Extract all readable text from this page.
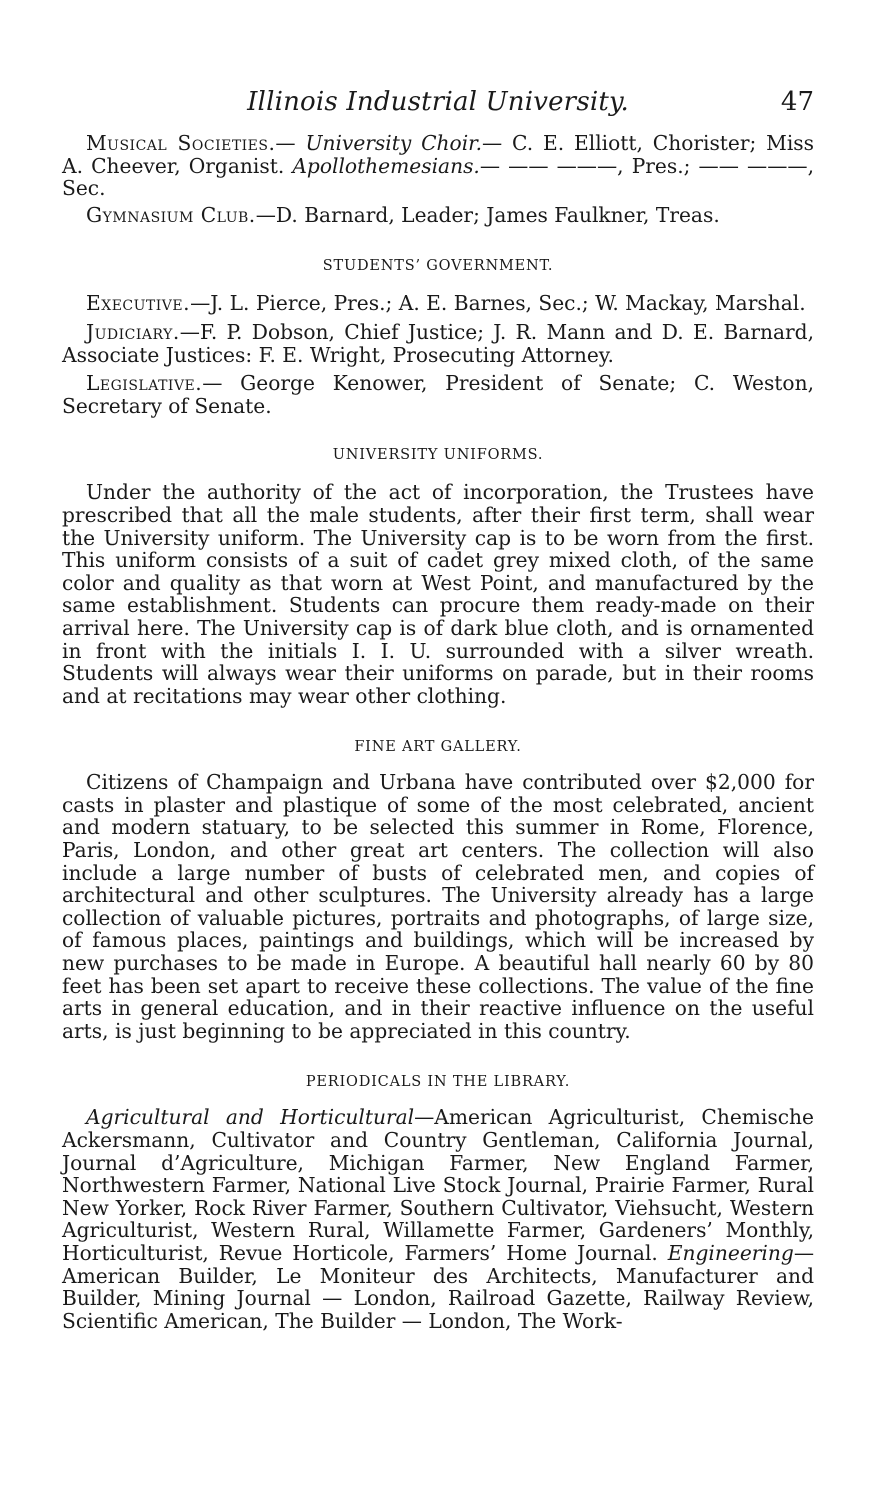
Illinois Industrial University.	47

Musical Societies.— University Choir.— C. E. Elliott, Chorister; Miss A. Cheever, Organist. Apollothemesians.— —— ———, Pres.; —— ———, Sec.

Gymnasium Club.—D. Barnard, Leader; James Faulkner, Treas.

STUDENTS’ GOVERNMENT.

Executive.—J. L. Pierce, Pres.; A. E. Barnes, Sec.; W. Mackay, Marshal.

Judiciary.—F. P. Dobson, Chief Justice; J. R. Mann and D. E. Barnard, Associate Justices: F. E. Wright, Prosecuting Attorney.

Legislative.— George Kenower, President of Senate; C. Weston, Secretary of Senate.

UNIVERSITY UNIFORMS.

Under the authority of the act of incorporation, the Trustees have prescribed that all the male students, after their first term, shall wear the University uniform. The University cap is to be worn from the first. This uniform consists of a suit of cadet grey mixed cloth, of the same color and quality as that worn at West Point, and manufactured by the same establishment. Students can procure them ready-made on their arrival here. The University cap is of dark blue cloth, and is ornamented in front with the initials I. I. U. surrounded with a silver wreath. Students will always wear their uniforms on parade, but in their rooms and at recitations may wear other clothing.

FINE ART GALLERY.

Citizens of Champaign and Urbana have contributed over $2,000 for casts in plaster and plastique of some of the most celebrated, ancient and modern statuary, to be selected this summer in Rome, Florence, Paris, London, and other great art centers. The collection will also include a large number of busts of celebrated men, and copies of architectural and other sculptures. The University already has a large collection of valuable pictures, portraits and photographs, of large size, of famous places, paintings and buildings, which will be increased by new purchases to be made in Europe. A beautiful hall nearly 60 by 80 feet has been set apart to receive these collections. The value of the fine arts in general education, and in their reactive influence on the useful arts, is just beginning to be appreciated in this country.

PERIODICALS IN THE LIBRARY.

Agricultural and Horticultural—American Agriculturist, Chemische Ackersmann, Cultivator and Country Gentleman, California Journal, Journal d’Agriculture, Michigan Farmer, New England Farmer, Northwestern Farmer, National Live Stock Journal, Prairie Farmer, Rural New Yorker, Rock River Farmer, Southern Cultivator, Viehsucht, Western Agriculturist, Western Rural, Willamette Farmer, Gardeners’ Monthly, Horticulturist, Revue Horticole, Farmers’ Home Journal. Engineering—American Builder, Le Moniteur des Architects, Manufacturer and Builder, Mining Journal — London, Railroad Gazette, Railway Review, Scientific American, The Builder — London, The Work-
